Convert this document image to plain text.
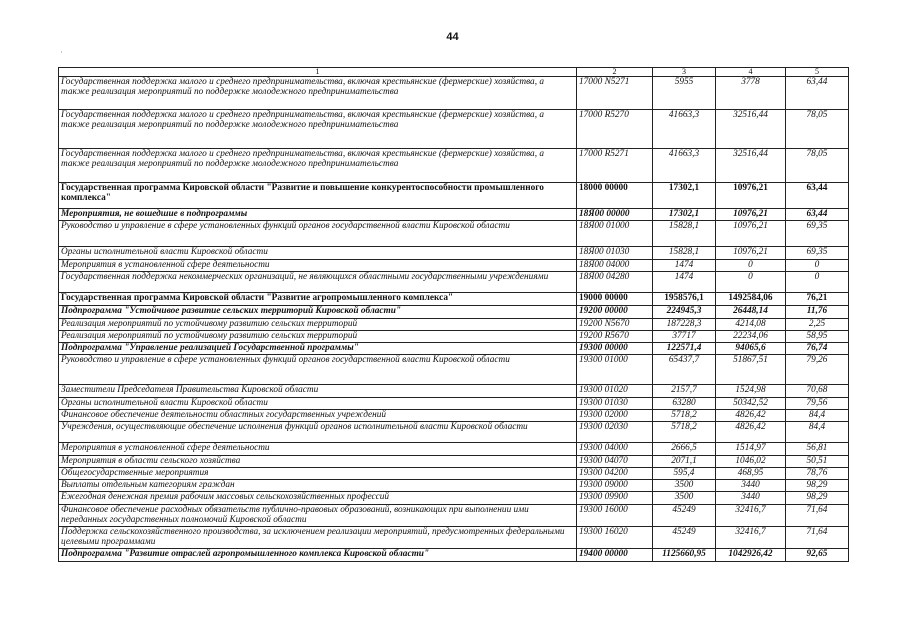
44
˙
1	2	3	4	5
Государственная поддержка малого и среднего предпринимательства, включая крестьянские (фермерские) хозяйства, а также реализация мероприятий по поддержке молодежного предпринимательства	17000 N5271	5955	3778	63,44
Государственная поддержка малого и среднего предпринимательства, включая крестьянские (фермерские) хозяйства, а также реализация мероприятий по поддержке молодежного предпринимательства	17000 R5270	41663,3	32516,44	78,05
Государственная поддержка малого и среднего предпринимательства, включая крестьянские (фермерские) хозяйства, а также реализация мероприятий по поддержке молодежного предпринимательства	17000 R5271	41663,3	32516,44	78,05
Государственная программа Кировской области "Развитие и повышение конкурентоспособности промышленного комплекса"	18000 00000	17302,1	10976,21	63,44
Мероприятия, не вошедшие в подпрограммы	18Я00 00000	17302,1	10976,21	63,44
Руководство и управление в сфере установленных функций органов государственной власти Кировской области	18Я00 01000	15828,1	10976,21	69,35
Органы исполнительной власти Кировской области	18Я00 01030	15828,1	10976,21	69,35
Мероприятия в установленной сфере деятельности	18Я00 04000	1474	0	0
Государственная поддержка некоммерческих организаций, не являющихся областными государственными учреждениями	18Я00 04280	1474	0	0
Государственная программа Кировской области "Развитие агропромышленного комплекса"	19000 00000	1958576,1	1492584,06	76,21
Подпрограмма "Устойчивое развитие сельских территорий Кировской области"	19200 00000	224945,3	26448,14	11,76
Реализация мероприятий по устойчивому развитию сельских территорий	19200 N5670	187228,3	4214,08	2,25
Реализация мероприятий по устойчивому развитию сельских территорий	19200 R5670	37717	22234,06	58,95
Подпрограмма "Управление реализацией Государственной программы"	19300 00000	122571,4	94065,6	76,74
Руководство и управление в сфере установленных функций органов государственной власти Кировской области	19300 01000	65437,7	51867,51	79,26
Заместители Председателя Правительства Кировской области	19300 01020	2157,7	1524,98	70,68
Органы исполнительной власти Кировской области	19300 01030	63280	50342,52	79,56
Финансовое обеспечение деятельности областных государственных учреждений	19300 02000	5718,2	4826,42	84,4
Учреждения, осуществляющие обеспечение исполнения функций органов исполнительной власти Кировской области	19300 02030	5718,2	4826,42	84,4
Мероприятия в установленной сфере деятельности	19300 04000	2666,5	1514,97	56,81
Мероприятия в области сельского хозяйства	19300 04070	2071,1	1046,02	50,51
Общегосударственные мероприятия	19300 04200	595,4	468,95	78,76
Выплаты отдельным категориям граждан	19300 09000	3500	3440	98,29
Ежегодная денежная премия рабочим массовых сельскохозяйственных профессий	19300 09900	3500	3440	98,29
Финансовое обеспечение расходных обязательств публично-правовых образований, возникающих при выполнении ими переданных государственных полномочий Кировской области	19300 16000	45249	32416,7	71,64
Поддержка сельскохозяйственного производства, за исключением реализации мероприятий, предусмотренных федеральными целевыми программами	19300 16020	45249	32416,7	71,64
Подпрограмма "Развитие отраслей агропромышленного комплекса Кировской области"	19400 00000	1125660,95	1042926,42	92,65
